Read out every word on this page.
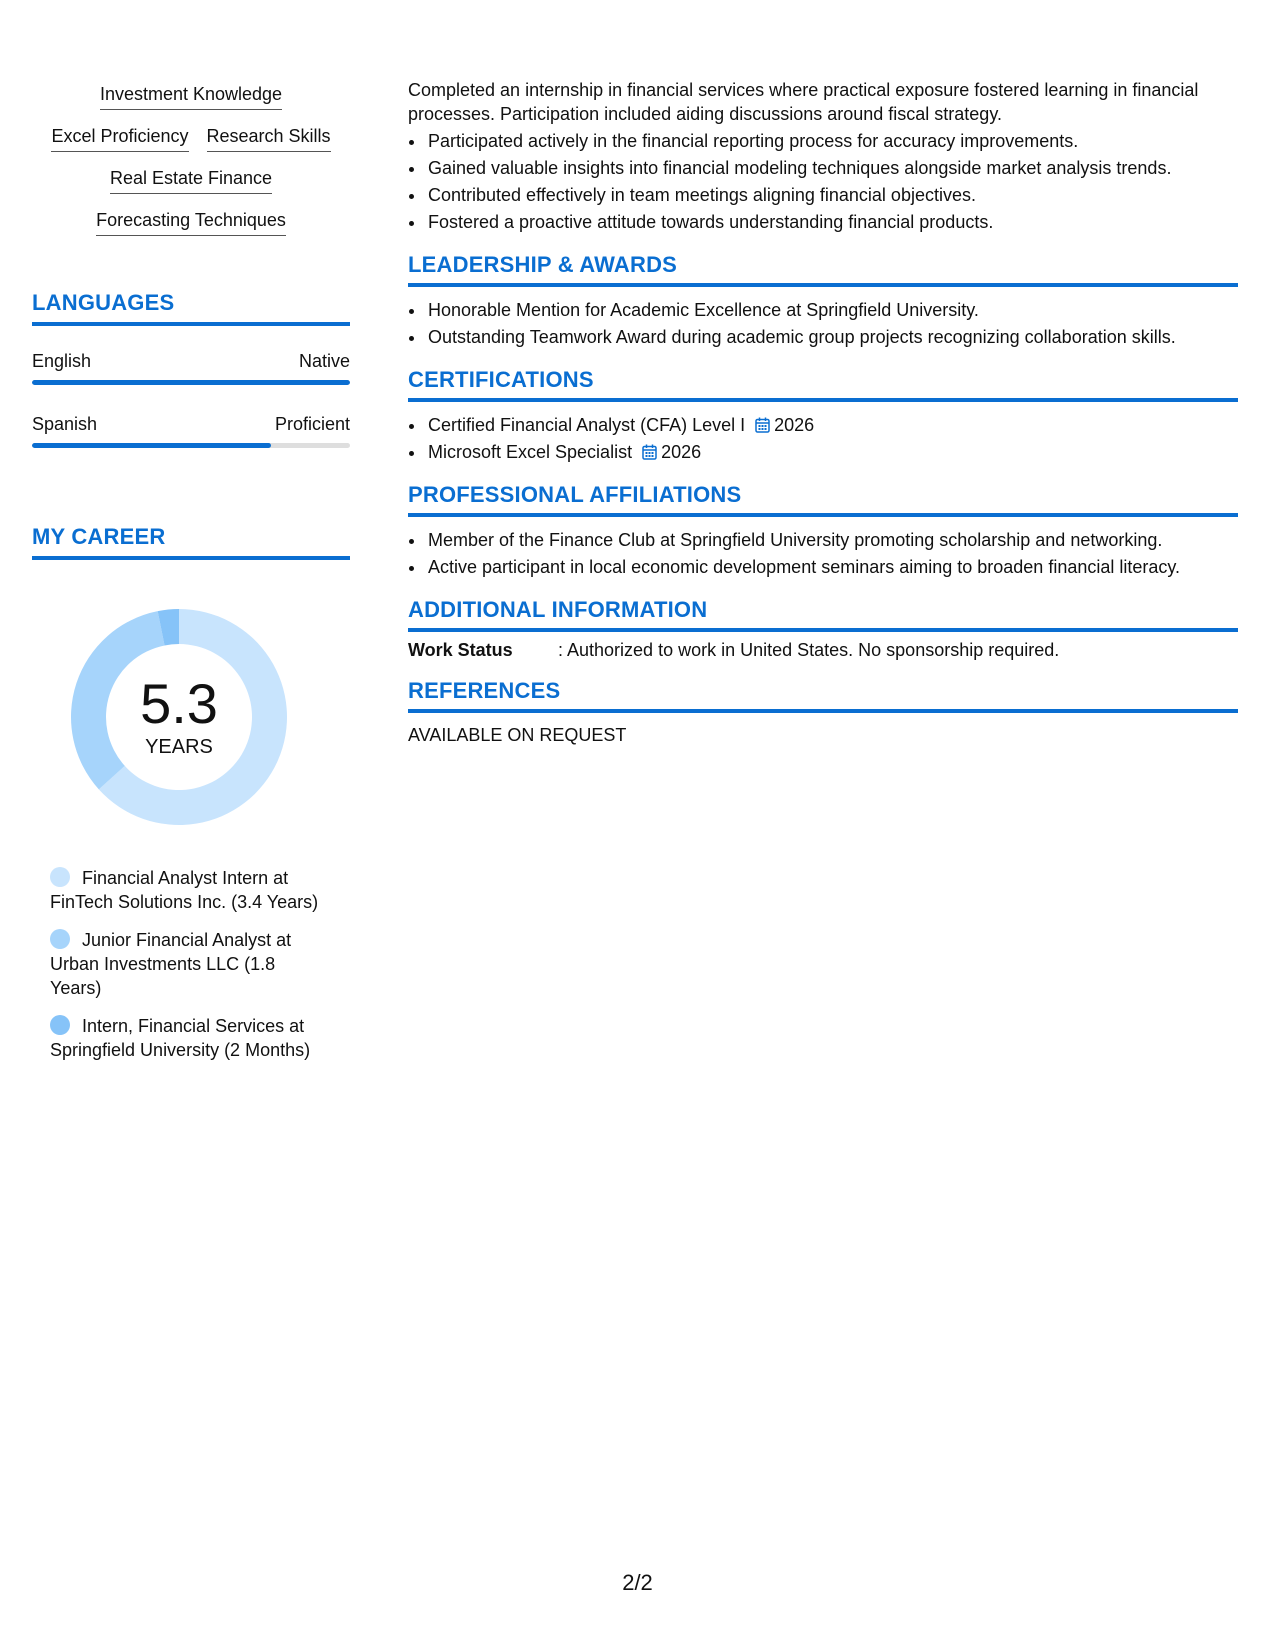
Investment Knowledge
Excel Proficiency Research Skills
Real Estate Finance
Forecasting Techniques
LANGUAGES
English	Native
Spanish	Proficient
MY CAREER
5.3
YEARS
Financial Analyst Intern at FinTech Solutions Inc. (3.4 Years)
Junior Financial Analyst at Urban Investments LLC (1.8 Years)
Intern, Financial Services at Springfield University (2 Months)

Completed an internship in financial services where practical exposure fostered learning in financial processes. Participation included aiding discussions around fiscal strategy.

• Participated actively in the financial reporting process for accuracy improvements.
• Gained valuable insights into financial modeling techniques alongside market analysis trends.
• Contributed effectively in team meetings aligning financial objectives.
• Fostered a proactive attitude towards understanding financial products.
LEADERSHIP & AWARDS
• Honorable Mention for Academic Excellence at Springfield University.
• Outstanding Teamwork Award during academic group projects recognizing collaboration skills.
CERTIFICATIONS
• Certified Financial Analyst (CFA) Level I 2026
• Microsoft Excel Specialist 2026
PROFESSIONAL AFFILIATIONS
• Member of the Finance Club at Springfield University promoting scholarship and networking.
• Active participant in local economic development seminars aiming to broaden financial literacy.
ADDITIONAL INFORMATION
Work Status	: Authorized to work in United States. No sponsorship required.
REFERENCES
AVAILABLE ON REQUEST
2/2
